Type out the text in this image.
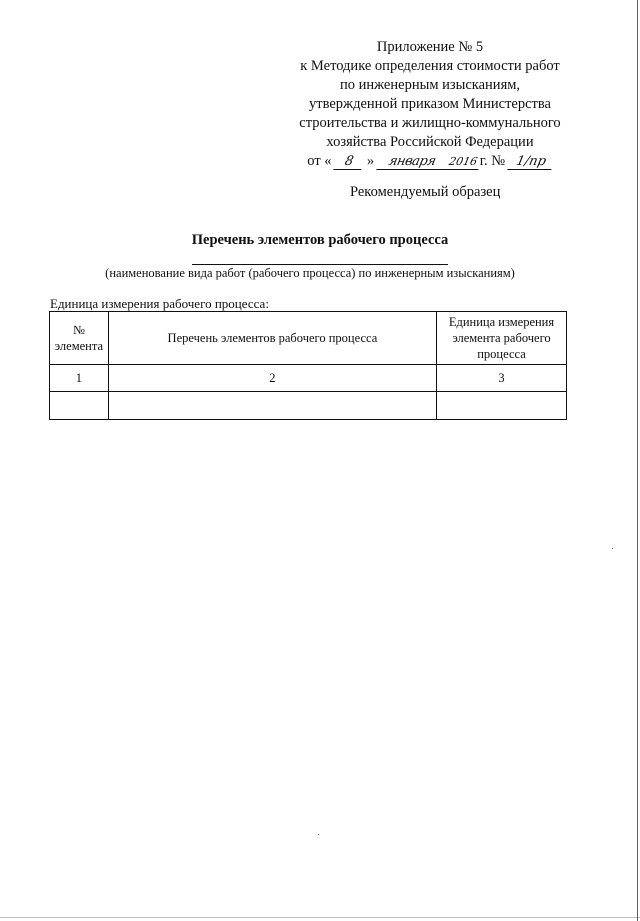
Приложение № 5
к Методике определения стоимости работ
по инженерным изысканиям,
утвержденной приказом Министерства
строительства и жилищно-коммунального
хозяйства Российской Федерации
от « 8 » января 2016 г. № 1/пр
Рекомендуемый образец
Перечень элементов рабочего процесса
(наименование вида работ (рабочего процесса) по инженерным изысканиям)
Единица измерения рабочего процесса:
№ элемента	Перечень элементов рабочего процесса	Единица измерения элемента рабочего процесса
1	2	3
